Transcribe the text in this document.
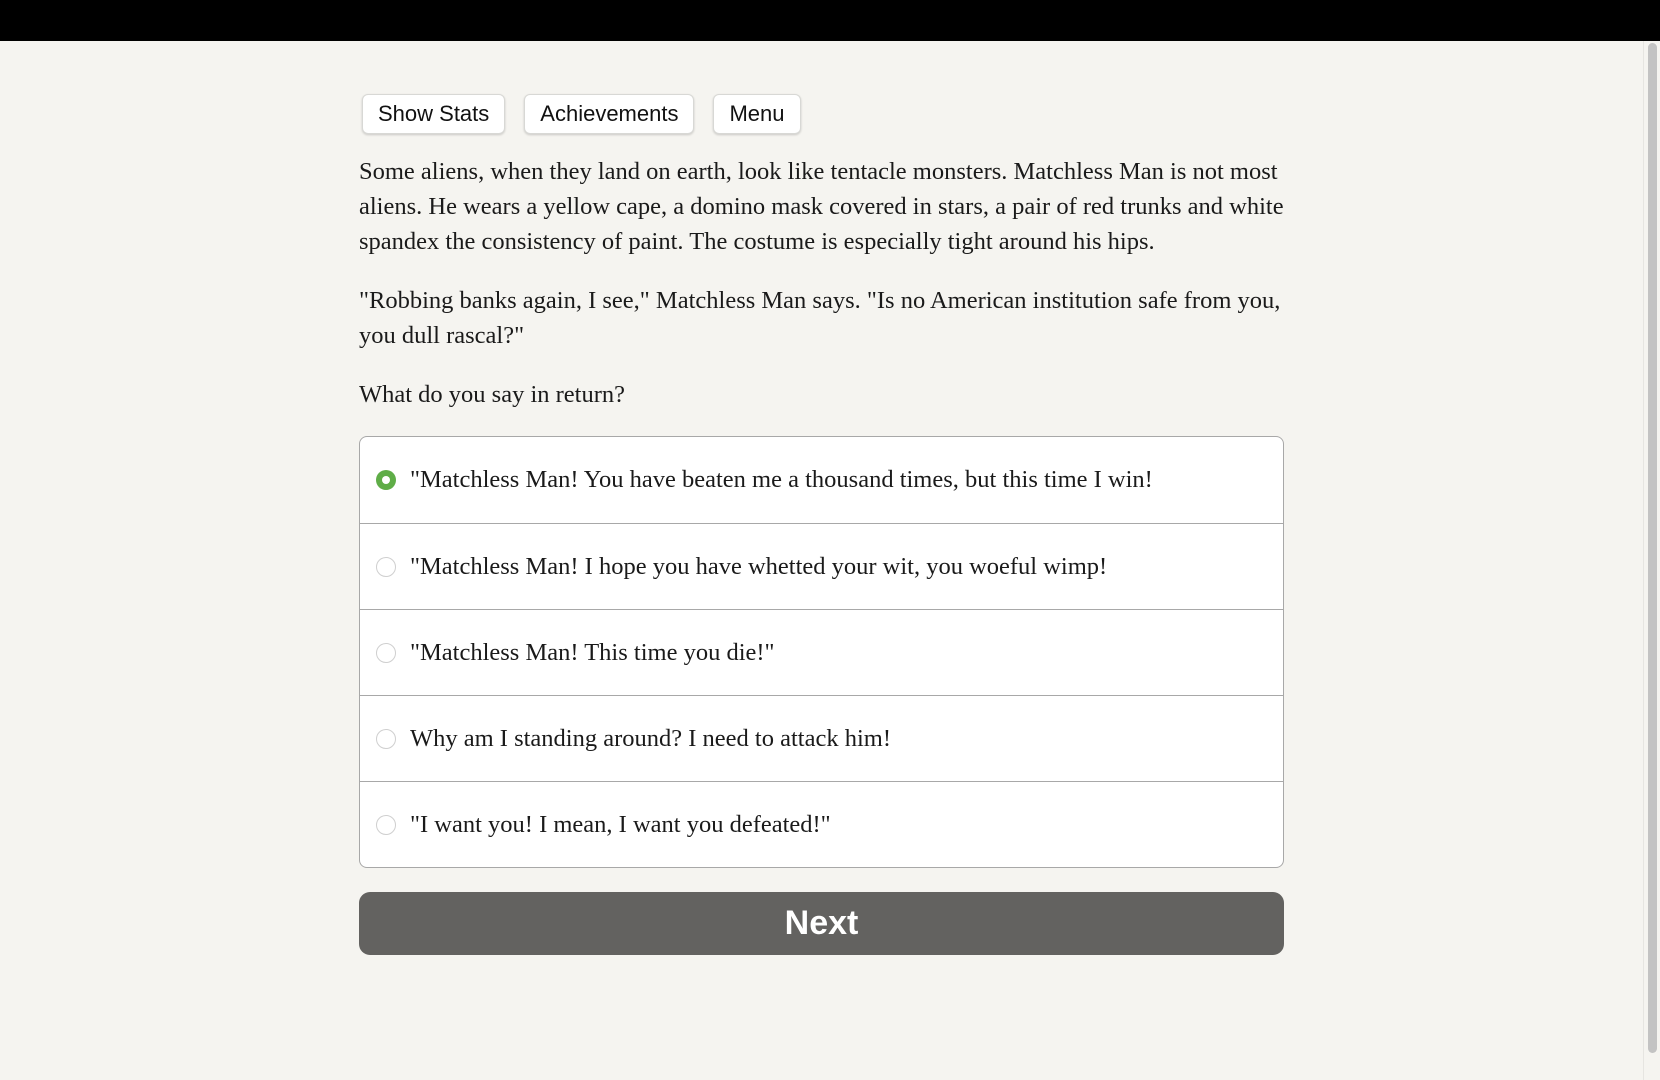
Show Stats	Achievements	Menu

Some aliens, when they land on earth, look like tentacle monsters. Matchless Man is not most aliens. He wears a yellow cape, a domino mask covered in stars, a pair of red trunks and white spandex the consistency of paint. The costume is especially tight around his hips.

"Robbing banks again, I see," Matchless Man says. "Is no American institution safe from you, you dull rascal?"

What do you say in return?

"Matchless Man! You have beaten me a thousand times, but this time I win!
"Matchless Man! I hope you have whetted your wit, you woeful wimp!
"Matchless Man! This time you die!"
Why am I standing around? I need to attack him!
"I want you! I mean, I want you defeated!"
Next
